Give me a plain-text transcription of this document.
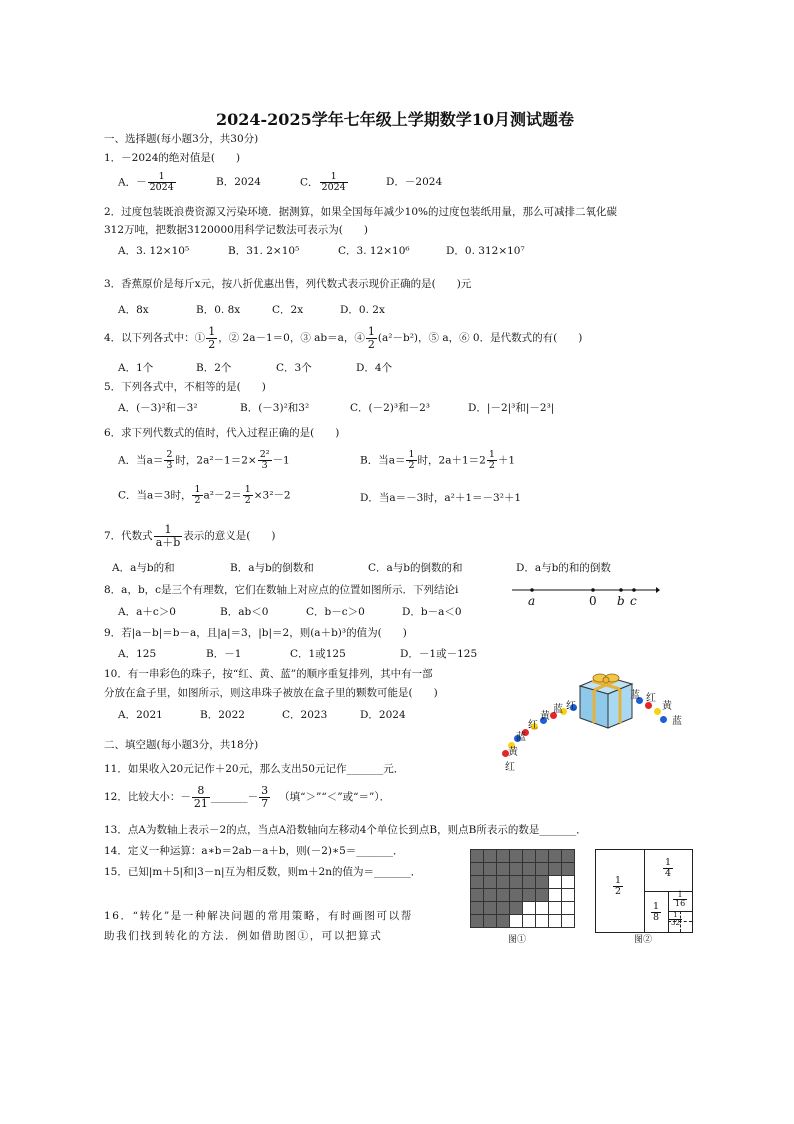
2024-2025学年七年级上学期数学10月测试题卷
一、选择题(每小题3分，共30分)
1．－2024的绝对值是(　　)
A．－ $\frac{1}{2024}$	B．2024	C． $\frac{1}{2024}$	D．－2024
2．过度包装既浪费资源又污染环境．据测算，如果全国每年减少10%的过度包装纸用量，那么可减排二氧化碳
312万吨，把数据3120000用科学记数法可表示为(　　)
A．3. 12×10⁵	B．31. 2×10⁵	C．3. 12×10⁶	D．0. 312×10⁷
3．香蕉原价是每斤x元，按八折优惠出售，列代数式表示现价正确的是(　　)元
A．8x	B．0. 8x	C．2x	D．0. 2x
4．以下列各式中：① $\frac{1}{2}$ ，② 2a－1＝0，③ ab＝a，④ $\frac{1}{2} (a^2-b^2)$，⑤ a，⑥ 0．是代数式的有(　　)
A．1个	B．2个	C．3个	D．4个
5．下列各式中，不相等的是(　　)
A．(－3)²和－3²	B．(－3)²和3²	C．(－2)³和－2³	D．|－2|³和|－2³|
6．求下列代数式的值时，代入过程正确的是(　　)
A．当$a= \frac{2}{3}$ 时，$2a^2-1=2\times \frac{\text{2²}}{3} -1$	B．当$a= \frac{1}{2}$ 时，$2a+1=2 \frac{1}{2} +1$
C．当a＝3时， $\frac{1}{2} a^2-2= \frac{1}{2} \times 3^2-2$	D．当a＝－3时，a²＋1＝－3²＋1
7．代数式 $\frac{1}{a+b}$ 表示的意义是(　　)
A．a与b的和	B．a与b的倒数和	C．a与b的倒数的和	D．a与b的和的倒数
8．a，b，c是三个有理数，它们在数轴上对应点的位置如图所示．下列结论i
A．a＋c＞0	B．ab＜0	C．b－c＞0	D．b－a＜0
a	0 b c
9．若|a－b|＝b－a，且|a|＝3，|b|＝2，则(a＋b)³的值为(　　)
A．125	B．－1	C．1或125	D．－1或－125
10．有一串彩色的珠子，按“红、黄、蓝”的顺序重复排列，其中有一部
分放在盒子里，如图所示，则这串珠子被放在盒子里的颗数可能是(　　)
A．2021	B．2022	C．2023	D．2024
红
黄
蓝
红
黄
蓝 红
蓝 红
黄
蓝
二、填空题(每小题3分，共18分)
11．如果收入20元记作＋20元，那么支出50元记作_______元．
12．比较大小：－ $\frac{8}{21}$ _______－ $\frac{3}{7}$ （填“＞”“＜”或“＝”）．
13．点A为数轴上表示－2的点，当点A沿数轴向左移动4个单位长到点B，则点B所表示的数是_______．
14．定义一种运算：a∗b＝2ab－a＋b，则(－2)∗5＝_______．
15．已知|m＋5|和|3－n|互为相反数，则m＋2n的值为＝_______．
16．“转化”是一种解决问题的常用策略，有时画图可以帮
助我们找到转化的方法．例如借助图①，可以把算式

								图①
$\frac{1}{2}$
$\frac{1}{4}$
$\frac{1}{8}$
$\frac{1}{16}$
$\frac{1}{32}$
图②
